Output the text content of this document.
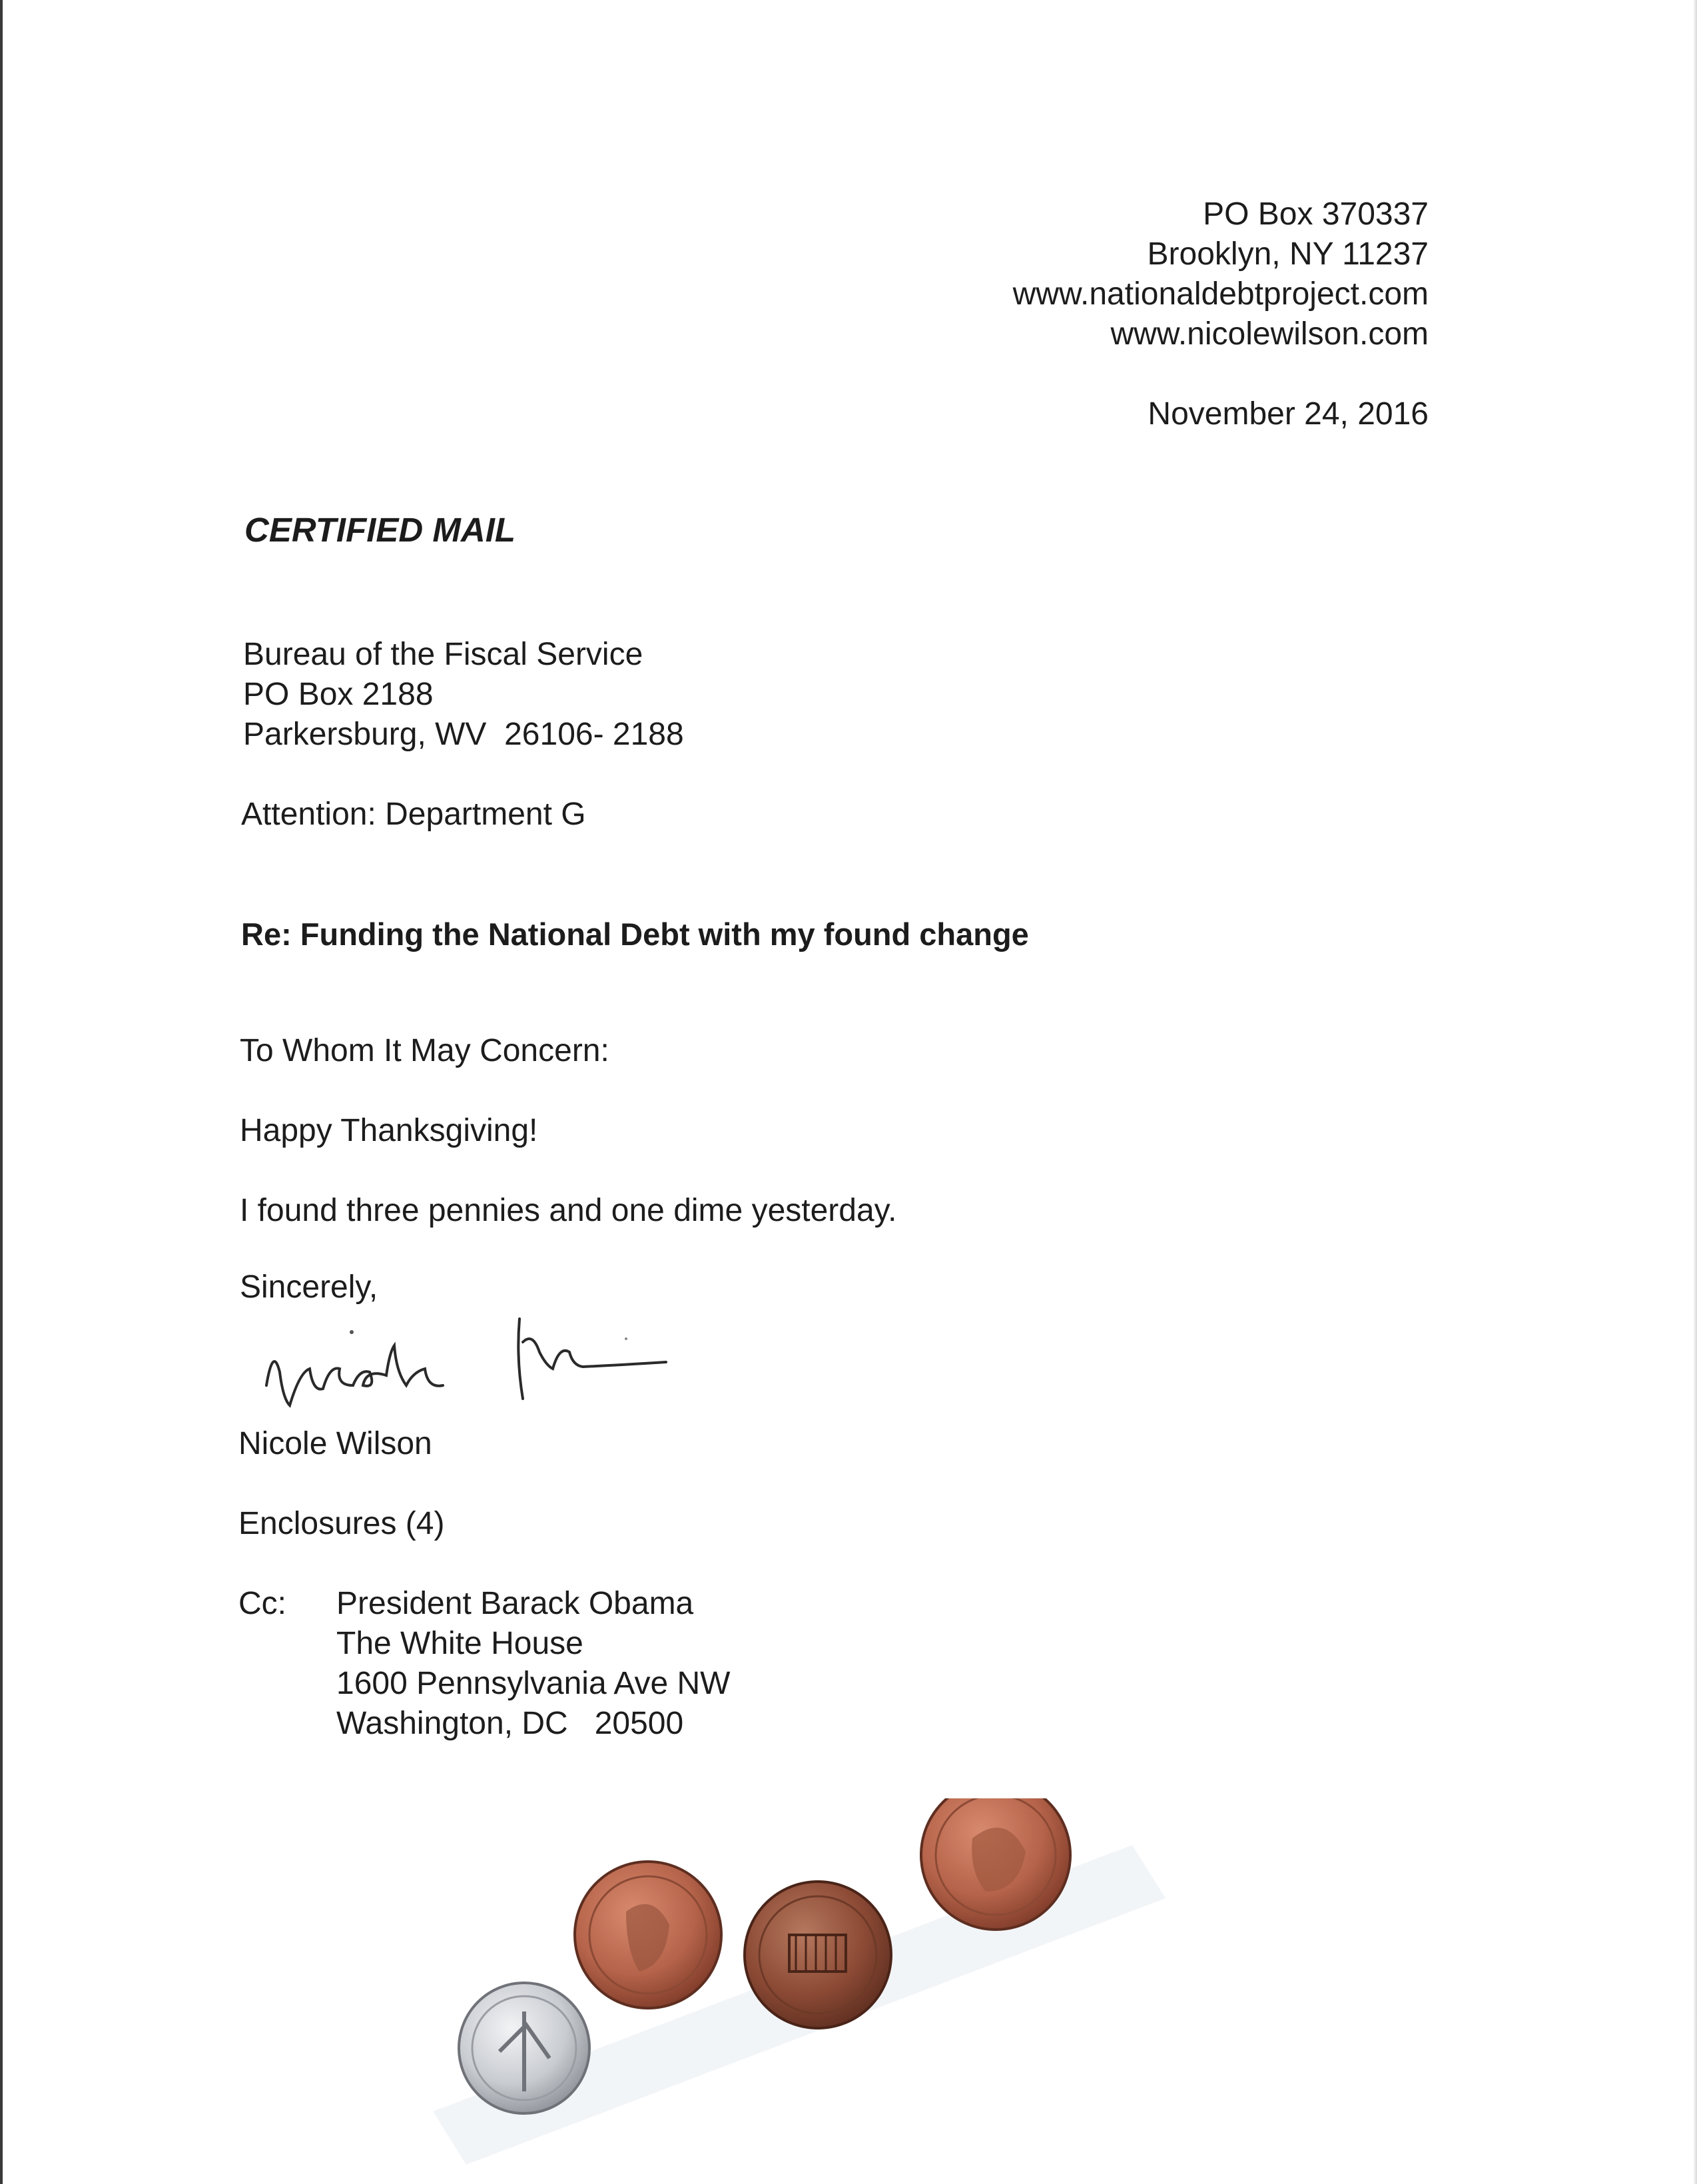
PO Box 370337
Brooklyn, NY 11237
www.nationaldebtproject.com
www.nicolewilson.com
November 24, 2016
CERTIFIED MAIL
Bureau of the Fiscal Service
PO Box 2188
Parkersburg, WV  26106- 2188
Attention: Department G
Re: Funding the National Debt with my found change
To Whom It May Concern:
Happy Thanksgiving!
I found three pennies and one dime yesterday.
Sincerely,
Nicole Wilson
Enclosures (4)
Cc: President Barack Obama
The White House
1600 Pennsylvania Ave NW
Washington, DC   20500
